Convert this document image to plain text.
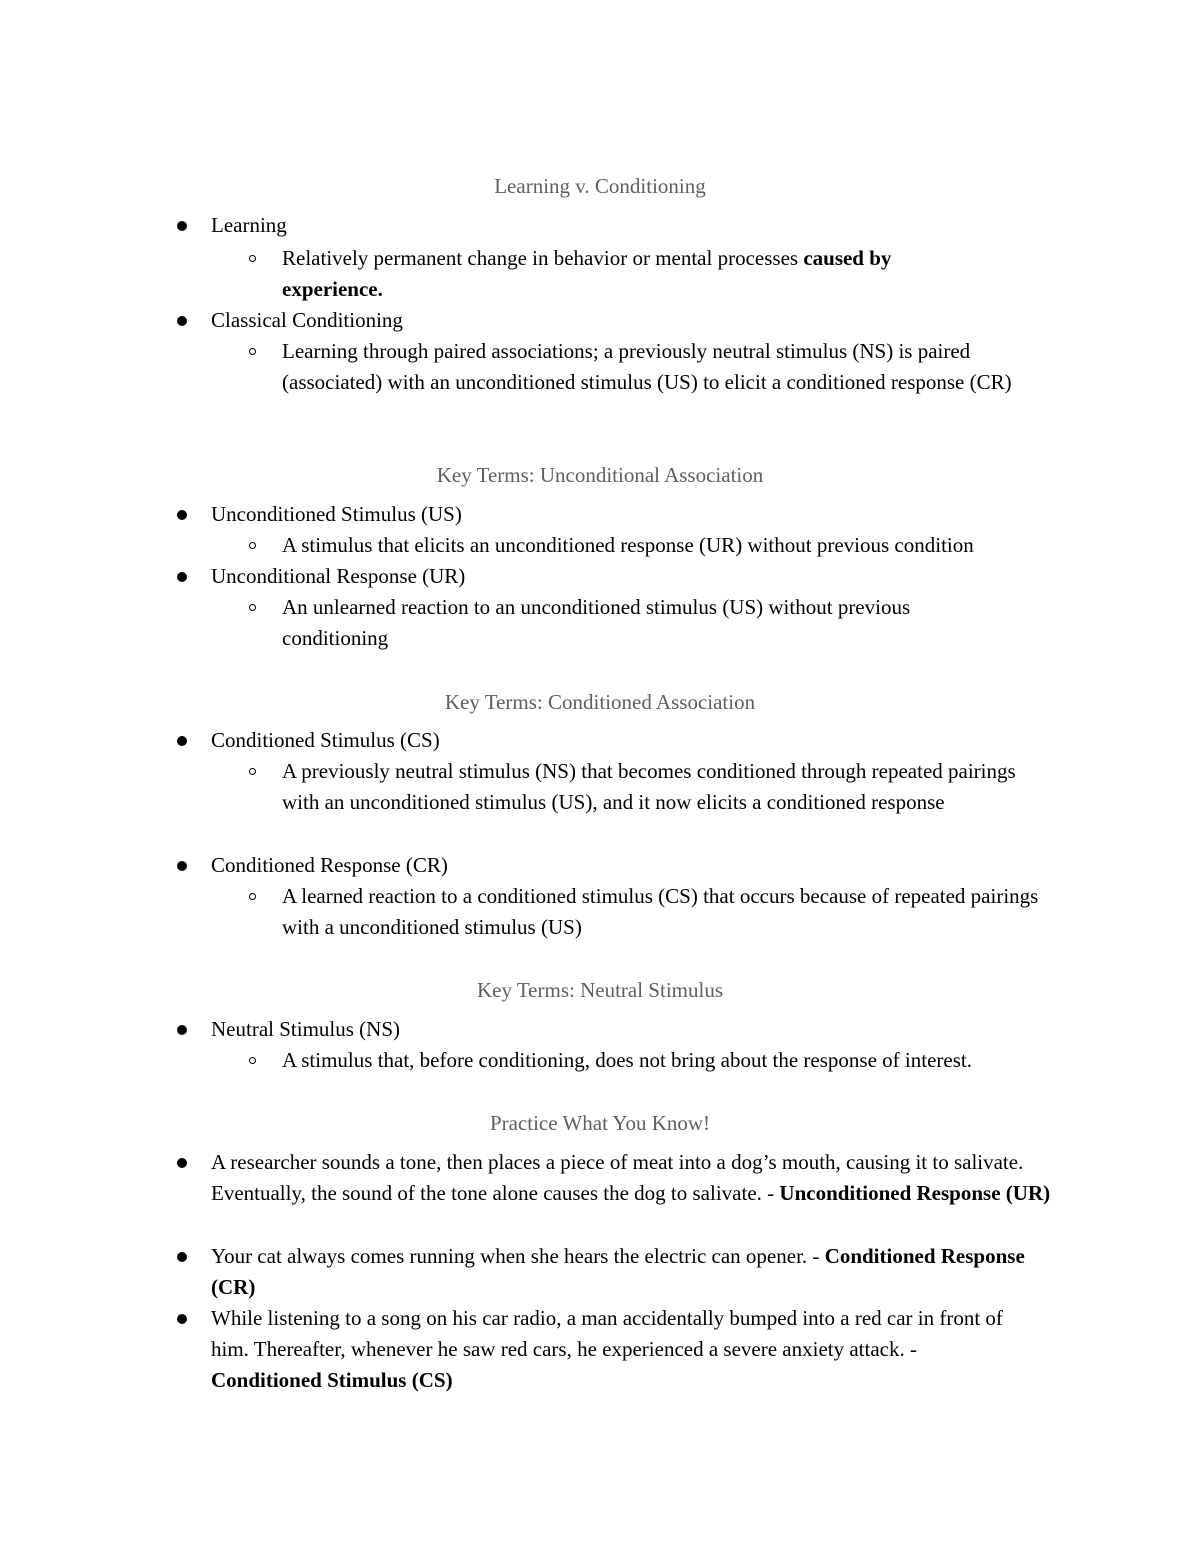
Learning v. Conditioning
Learning
Relatively permanent change in behavior or mental processes caused by experience.
Classical Conditioning
Learning through paired associations; a previously neutral stimulus (NS) is paired (associated) with an unconditioned stimulus (US) to elicit a conditioned response (CR)
Key Terms: Unconditional Association
Unconditioned Stimulus (US)
A stimulus that elicits an unconditioned response (UR) without previous condition
Unconditional Response (UR)
An unlearned reaction to an unconditioned stimulus (US) without previous conditioning
Key Terms: Conditioned Association
Conditioned Stimulus (CS)
A previously neutral stimulus (NS) that becomes conditioned through repeated pairings with an unconditioned stimulus (US), and it now elicits a conditioned response
Conditioned Response (CR)
A learned reaction to a conditioned stimulus (CS) that occurs because of repeated pairings with a unconditioned stimulus (US)
Key Terms: Neutral Stimulus
Neutral Stimulus (NS)
A stimulus that, before conditioning, does not bring about the response of interest.
Practice What You Know!
A researcher sounds a tone, then places a piece of meat into a dog’s mouth, causing it to salivate. Eventually, the sound of the tone alone causes the dog to salivate. - Unconditioned Response (UR)
Your cat always comes running when she hears the electric can opener. - Conditioned Response (CR)
While listening to a song on his car radio, a man accidentally bumped into a red car in front of him. Thereafter, whenever he saw red cars, he experienced a severe anxiety attack. - Conditioned Stimulus (CS)
